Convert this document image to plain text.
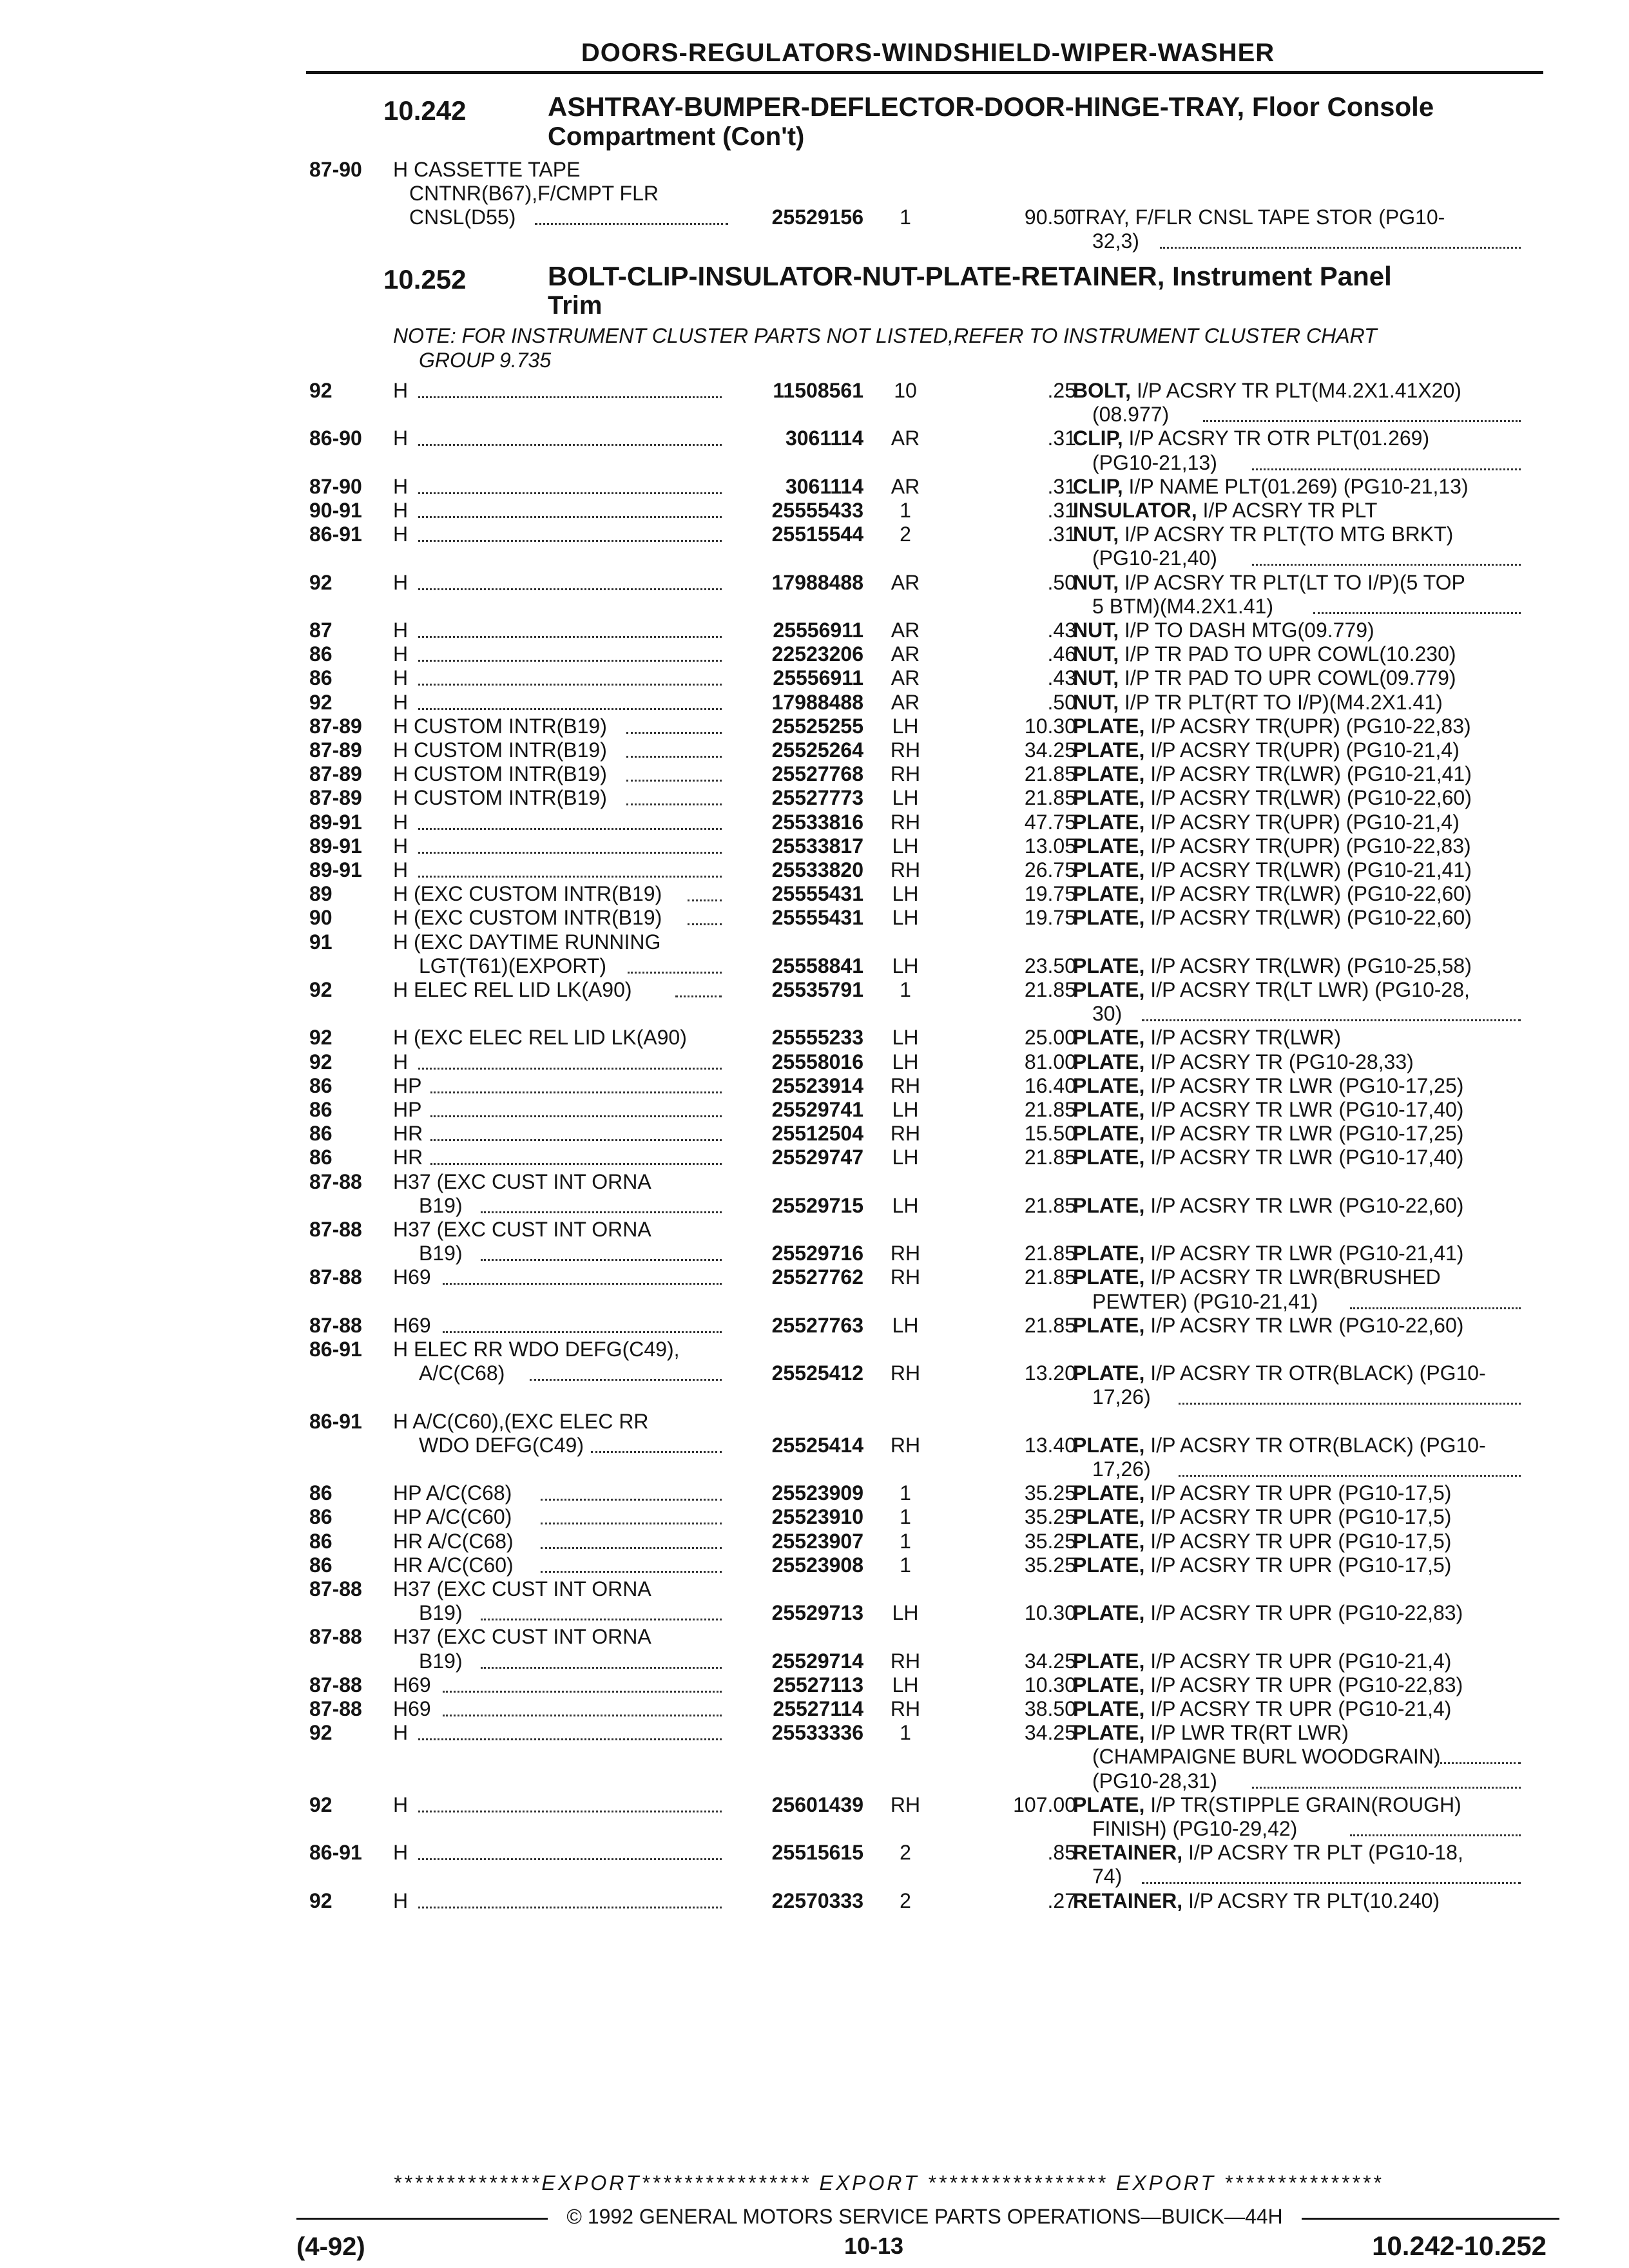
DOORS-REGULATORS-WINDSHIELD-WIPER-WASHER
10.242	ASHTRAY-BUMPER-DEFLECTOR-DOOR-HINGE-TRAY, Floor Console
Compartment (Con't)
87-90 H CASSETTE TAPE
CNTNR(B67),F/CMPT FLR
CNSL(D55)	25529156	1	90.50
TRAY, F/FLR CNSL TAPE STOR (PG10-
32,3)
10.252	BOLT-CLIP-INSULATOR-NUT-PLATE-RETAINER, Instrument Panel
Trim
NOTE: FOR INSTRUMENT CLUSTER PARTS NOT LISTED,REFER TO INSTRUMENT CLUSTER CHART
GROUP 9.735
92	H	11508561	10	.25
BOLT, I/P ACSRY TR PLT(M4.2X1.41X20)
(08.977)
86-90 H	3061114	AR	.31
CLIP, I/P ACSRY TR OTR PLT(01.269)
(PG10-21,13)
87-90 H	3061114	AR	.31
CLIP, I/P NAME PLT(01.269) (PG10-21,13)
90-91 H	25555433	1	.31
INSULATOR, I/P ACSRY TR PLT
86-91 H	25515544	2	.31
NUT, I/P ACSRY TR PLT(TO MTG BRKT)
(PG10-21,40)
92	H	17988488	AR	.50
NUT, I/P ACSRY TR PLT(LT TO I/P)(5 TOP
5 BTM)(M4.2X1.41)
87	H	25556911	AR	.43
NUT, I/P TO DASH MTG(09.779)
86	H	22523206	AR	.46
NUT, I/P TR PAD TO UPR COWL(10.230)
86	H	25556911	AR	.43
NUT, I/P TR PAD TO UPR COWL(09.779)
92	H	17988488	AR	.50
NUT, I/P TR PLT(RT TO I/P)(M4.2X1.41)
87-89 H CUSTOM INTR(B19)	25525255	LH	10.30
PLATE, I/P ACSRY TR(UPR) (PG10-22,83)
87-89 H CUSTOM INTR(B19)	25525264	RH	34.25
PLATE, I/P ACSRY TR(UPR) (PG10-21,4)
87-89 H CUSTOM INTR(B19)	25527768	RH	21.85
PLATE, I/P ACSRY TR(LWR) (PG10-21,41)
87-89 H CUSTOM INTR(B19)	25527773	LH	21.85
PLATE, I/P ACSRY TR(LWR) (PG10-22,60)
89-91 H	25533816	RH	47.75
PLATE, I/P ACSRY TR(UPR) (PG10-21,4)
89-91 H	25533817	LH	13.05
PLATE, I/P ACSRY TR(UPR) (PG10-22,83)
89-91 H	25533820	RH	26.75
PLATE, I/P ACSRY TR(LWR) (PG10-21,41)
89	H (EXC CUSTOM INTR(B19)	25555431	LH	19.75
PLATE, I/P ACSRY TR(LWR) (PG10-22,60)
90	H (EXC CUSTOM INTR(B19)	25555431	LH	19.75
PLATE, I/P ACSRY TR(LWR) (PG10-22,60)
91	H (EXC DAYTIME RUNNING
LGT(T61)(EXPORT)	25558841	LH	23.50
PLATE, I/P ACSRY TR(LWR) (PG10-25,58)
92	H ELEC REL LID LK(A90)	25535791	1	21.85
PLATE, I/P ACSRY TR(LT LWR) (PG10-28,
30)
92	H (EXC ELEC REL LID LK(A90)	25555233	LH	25.00
PLATE, I/P ACSRY TR(LWR)
92	H	25558016	LH	81.00
PLATE, I/P ACSRY TR (PG10-28,33)
86	HP	25523914	RH	16.40
PLATE, I/P ACSRY TR LWR (PG10-17,25)
86	HP	25529741	LH	21.85
PLATE, I/P ACSRY TR LWR (PG10-17,40)
86	HR	25512504	RH	15.50
PLATE, I/P ACSRY TR LWR (PG10-17,25)
86	HR	25529747	LH	21.85
PLATE, I/P ACSRY TR LWR (PG10-17,40)
87-88 H37 (EXC CUST INT ORNA
B19)	25529715	LH	21.85
PLATE, I/P ACSRY TR LWR (PG10-22,60)
87-88 H37 (EXC CUST INT ORNA
B19)	25529716	RH	21.85
PLATE, I/P ACSRY TR LWR (PG10-21,41)
87-88 H69	25527762	RH	21.85
PLATE, I/P ACSRY TR LWR(BRUSHED
PEWTER) (PG10-21,41)
87-88 H69	25527763	LH	21.85
PLATE, I/P ACSRY TR LWR (PG10-22,60)
86-91 H ELEC RR WDO DEFG(C49),
A/C(C68)	25525412	RH	13.20
PLATE, I/P ACSRY TR OTR(BLACK) (PG10-
17,26)
86-91 H A/C(C60),(EXC ELEC RR
WDO DEFG(C49)	25525414	RH	13.40
PLATE, I/P ACSRY TR OTR(BLACK) (PG10-
17,26)
86	HP A/C(C68)	25523909	1	35.25
PLATE, I/P ACSRY TR UPR (PG10-17,5)
86	HP A/C(C60)	25523910	1	35.25
PLATE, I/P ACSRY TR UPR (PG10-17,5)
86	HR A/C(C68)	25523907	1	35.25
PLATE, I/P ACSRY TR UPR (PG10-17,5)
86	HR A/C(C60)	25523908	1	35.25
PLATE, I/P ACSRY TR UPR (PG10-17,5)
87-88 H37 (EXC CUST INT ORNA
B19)	25529713	LH	10.30
PLATE, I/P ACSRY TR UPR (PG10-22,83)
87-88 H37 (EXC CUST INT ORNA
B19)	25529714	RH	34.25
PLATE, I/P ACSRY TR UPR (PG10-21,4)
87-88 H69	25527113	LH	10.30
PLATE, I/P ACSRY TR UPR (PG10-22,83)
87-88 H69	25527114	RH	38.50
PLATE, I/P ACSRY TR UPR (PG10-21,4)
92	H	25533336	1	34.25
PLATE, I/P LWR TR(RT LWR)
(CHAMPAIGNE BURL WOODGRAIN)
(PG10-28,31)
92	H	25601439	RH	107.00
PLATE, I/P TR(STIPPLE GRAIN(ROUGH)
FINISH) (PG10-29,42)
86-91 H	25515615	2	.85
RETAINER, I/P ACSRY TR PLT (PG10-18,
74)
92	H	22570333	2	.27
RETAINER, I/P ACSRY TR PLT(10.240)
**************EXPORT**************** EXPORT ***************** EXPORT ***************
© 1992 GENERAL MOTORS SERVICE PARTS OPERATIONS—BUICK—44H
(4-92)	10-13	10.242-10.252
